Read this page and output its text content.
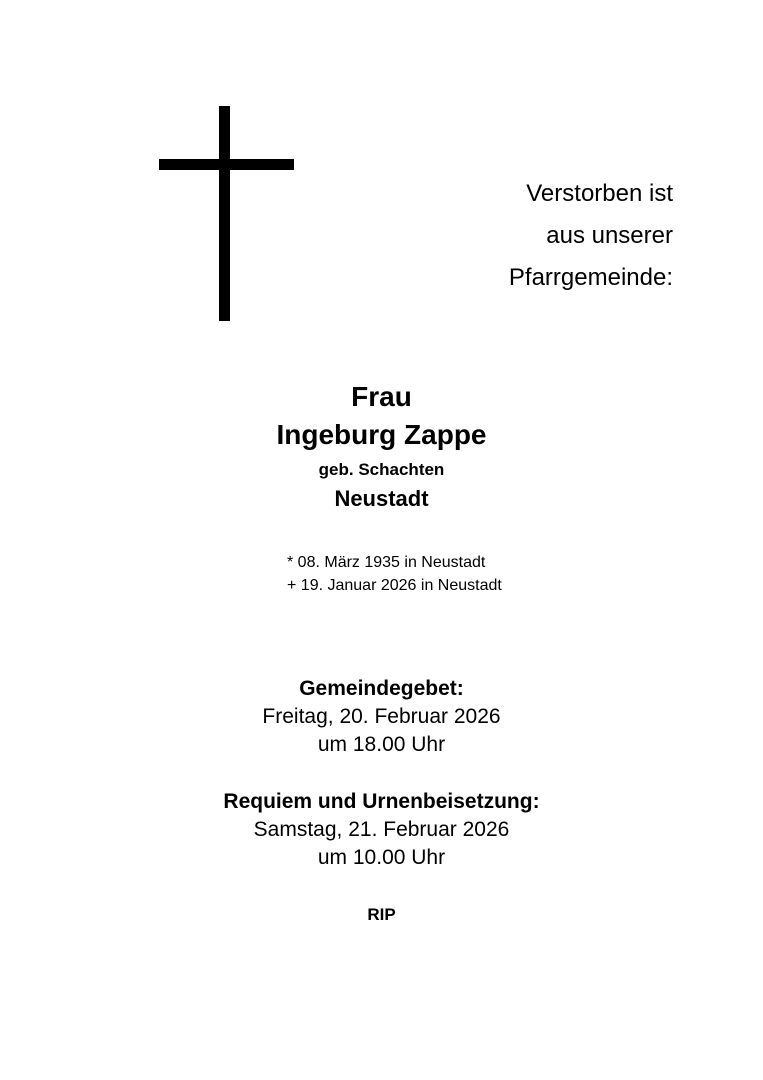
Verstorben ist
aus unserer
Pfarrgemeinde:
Frau
Ingeburg Zappe
geb. Schachten
Neustadt
* 08. März 1935 in Neustadt
+ 19. Januar 2026 in Neustadt
Gemeindegebet:
Freitag, 20. Februar 2026
um 18.00 Uhr
Requiem und Urnenbeisetzung:
Samstag, 21. Februar 2026
um 10.00 Uhr
RIP
